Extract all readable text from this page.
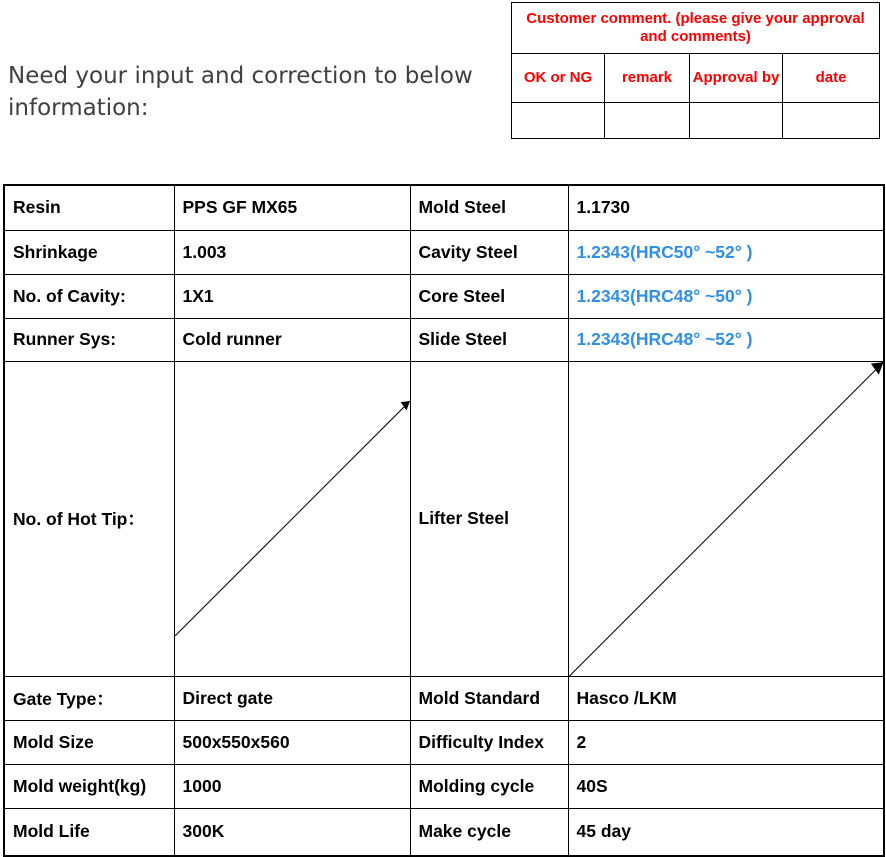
Need your input and correction to below information:
Customer comment. (please give your approval and comments)			
OK or NG	remark	Approval by	date

Resin	PPS GF MX65	Mold Steel	1.1730
Shrinkage	1.003	Cavity Steel	1.2343(HRC50° ~52° )
No. of Cavity:	1X1	Core Steel	1.2343(HRC48° ~50° )
Runner Sys:	Cold runner	Slide Steel	1.2343(HRC48° ~52° )
No. of Hot Tip：		Lifter Steel	

Gate Type：	Direct gate	Mold Standard	Hasco /LKM
Mold Size	500x550x560	Difficulty Index	2
Mold weight(kg)	1000	Molding cycle	40S
Mold Life	300K	Make cycle	45 day
